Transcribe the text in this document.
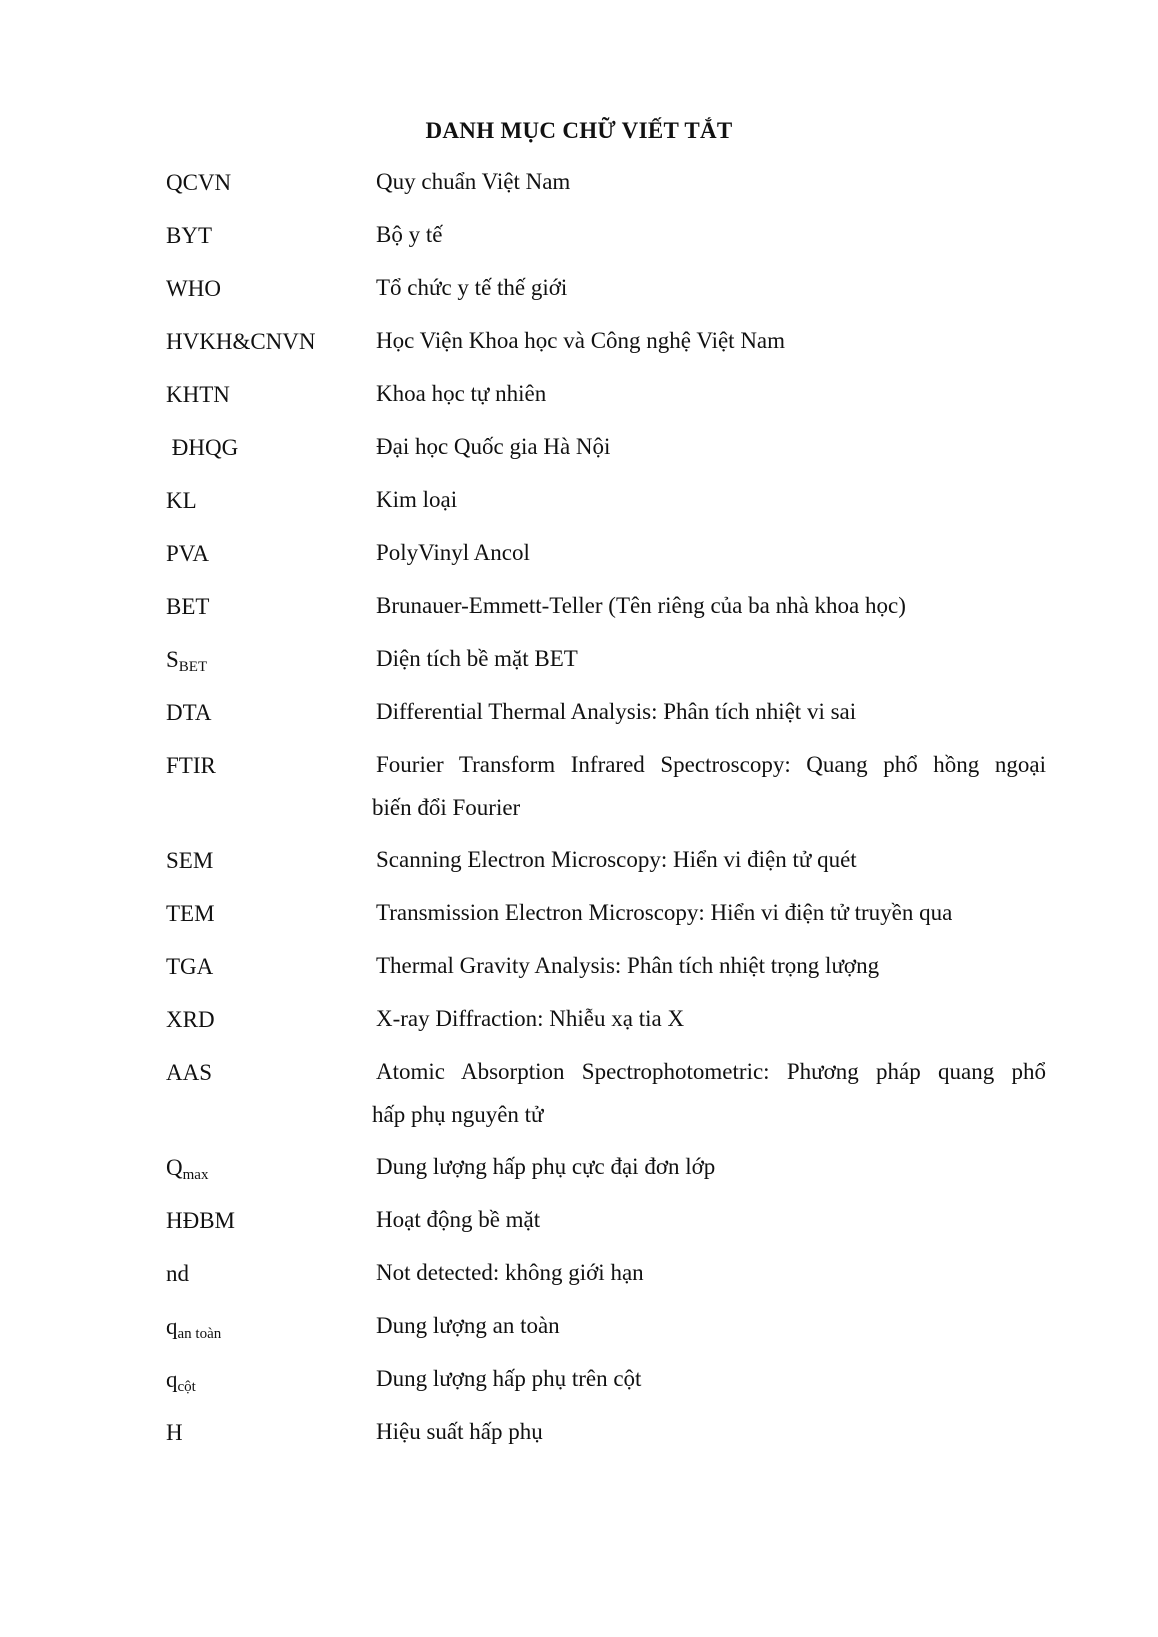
DANH MỤC CHỮ VIẾT TẮT
QCVN	Quy chuẩn Việt Nam
BYT	Bộ y tế
WHO	Tổ chức y tế thế giới
HVKH&CNVN	Học Viện Khoa học và Công nghệ Việt Nam
KHTN	Khoa học tự nhiên
ĐHQG	Đại học Quốc gia Hà Nội
KL	Kim loại
PVA	PolyVinyl Ancol
BET	Brunauer-Emmett-Teller (Tên riêng của ba nhà khoa học)
$S_{BET}$	Diện tích bề mặt BET
DTA	Differential Thermal Analysis: Phân tích nhiệt vi sai
FTIR	Fourier Transform Infrared Spectroscopy: Quang phổ hồng ngoại
biến đổi Fourier
SEM	Scanning Electron Microscopy: Hiển vi điện tử quét
TEM	Transmission Electron Microscopy: Hiển vi điện tử truyền qua
TGA	Thermal Gravity Analysis: Phân tích nhiệt trọng lượng
XRD	X-ray Diffraction: Nhiễu xạ tia X
AAS	Atomic Absorption Spectrophotometric: Phương pháp quang phổ
hấp phụ nguyên tử
$Q_{max}$	Dung lượng hấp phụ cực đại đơn lớp
HĐBM	Hoạt động bề mặt
nd	Not detected: không giới hạn
$q_{an toàn}$	Dung lượng an toàn
$q_{cột}$	Dung lượng hấp phụ trên cột
H	Hiệu suất hấp phụ
